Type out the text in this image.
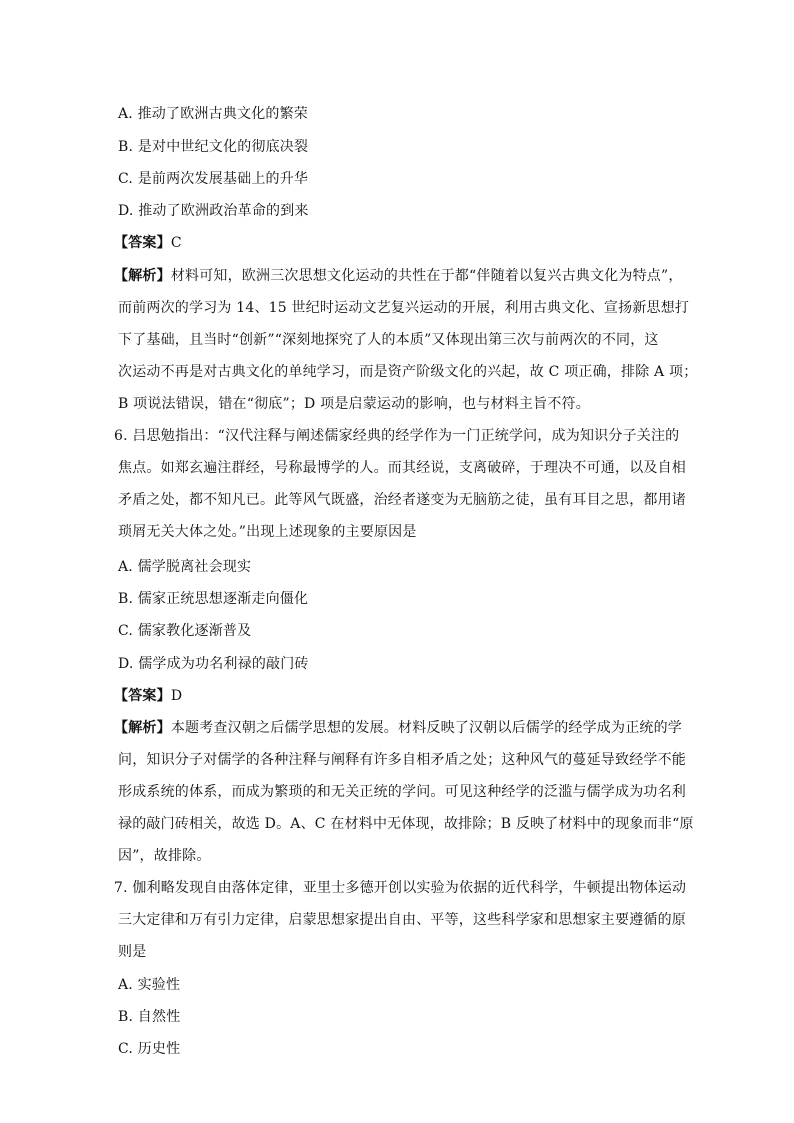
A. 推动了欧洲古典文化的繁荣
B. 是对中世纪文化的彻底决裂
C. 是前两次发展基础上的升华
D. 推动了欧洲政治革命的到来
【答案】C
【解析】材料可知，欧洲三次思想文化运动的共性在于都“伴随着以复兴古典文化为特点”，
而前两次的学习为 14、15 世纪时运动文艺复兴运动的开展，利用古典文化、宣扬新思想打
下了基础，且当时“创新”“深刻地探究了人的本质”又体现出第三次与前两次的不同，这
次运动不再是对古典文化的单纯学习，而是资产阶级文化的兴起，故 C 项正确，排除 A 项；
B 项说法错误，错在“彻底”；D 项是启蒙运动的影响，也与材料主旨不符。
6. 吕思勉指出：“汉代注释与阐述儒家经典的经学作为一门正统学问，成为知识分子关注的
焦点。如郑玄遍注群经，号称最博学的人。而其经说，支离破碎，于理决不可通，以及自相
矛盾之处，都不知凡已。此等风气既盛，治经者遂变为无脑筋之徒，虽有耳目之思，都用诸
琐屑无关大体之处。”出现上述现象的主要原因是
A. 儒学脱离社会现实
B. 儒家正统思想逐渐走向僵化
C. 儒家教化逐渐普及
D. 儒学成为功名利禄的敲门砖
【答案】D
【解析】本题考查汉朝之后儒学思想的发展。材料反映了汉朝以后儒学的经学成为正统的学
问，知识分子对儒学的各种注释与阐释有许多自相矛盾之处；这种风气的蔓延导致经学不能
形成系统的体系，而成为繁琐的和无关正统的学问。可见这种经学的泛滥与儒学成为功名利
禄的敲门砖相关，故选 D。A、C 在材料中无体现，故排除；B 反映了材料中的现象而非“原
因”，故排除。
7. 伽利略发现自由落体定律，亚里士多德开创以实验为依据的近代科学，牛顿提出物体运动
三大定律和万有引力定律，启蒙思想家提出自由、平等，这些科学家和思想家主要遵循的原
则是
A. 实验性
B. 自然性
C. 历史性
